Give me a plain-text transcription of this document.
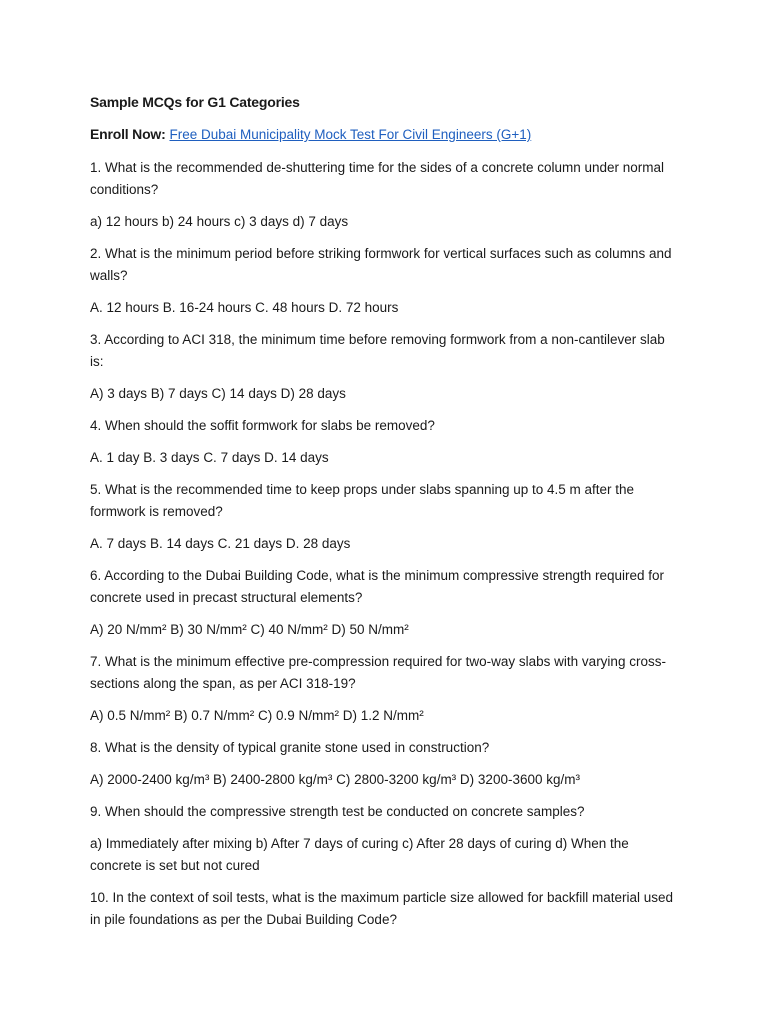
Sample MCQs for G1 Categories
Enroll Now: Free Dubai Municipality Mock Test For Civil Engineers (G+1)
1. What is the recommended de-shuttering time for the sides of a concrete column under normal conditions?
a) 12 hours b) 24 hours c) 3 days d) 7 days
2. What is the minimum period before striking formwork for vertical surfaces such as columns and walls?
A. 12 hours B. 16-24 hours C. 48 hours D. 72 hours
3. According to ACI 318, the minimum time before removing formwork from a non-cantilever slab is:
A) 3 days B) 7 days C) 14 days D) 28 days
4. When should the soffit formwork for slabs be removed?
A. 1 day B. 3 days C. 7 days D. 14 days
5. What is the recommended time to keep props under slabs spanning up to 4.5 m after the formwork is removed?
A. 7 days B. 14 days C. 21 days D. 28 days
6. According to the Dubai Building Code, what is the minimum compressive strength required for concrete used in precast structural elements?
A) 20 N/mm² B) 30 N/mm² C) 40 N/mm² D) 50 N/mm²
7. What is the minimum effective pre-compression required for two-way slabs with varying cross-sections along the span, as per ACI 318-19?
A) 0.5 N/mm² B) 0.7 N/mm² C) 0.9 N/mm² D) 1.2 N/mm²
8. What is the density of typical granite stone used in construction?
A) 2000-2400 kg/m³ B) 2400-2800 kg/m³ C) 2800-3200 kg/m³ D) 3200-3600 kg/m³
9. When should the compressive strength test be conducted on concrete samples?
a) Immediately after mixing b) After 7 days of curing c) After 28 days of curing d) When the concrete is set but not cured
10. In the context of soil tests, what is the maximum particle size allowed for backfill material used in pile foundations as per the Dubai Building Code?
